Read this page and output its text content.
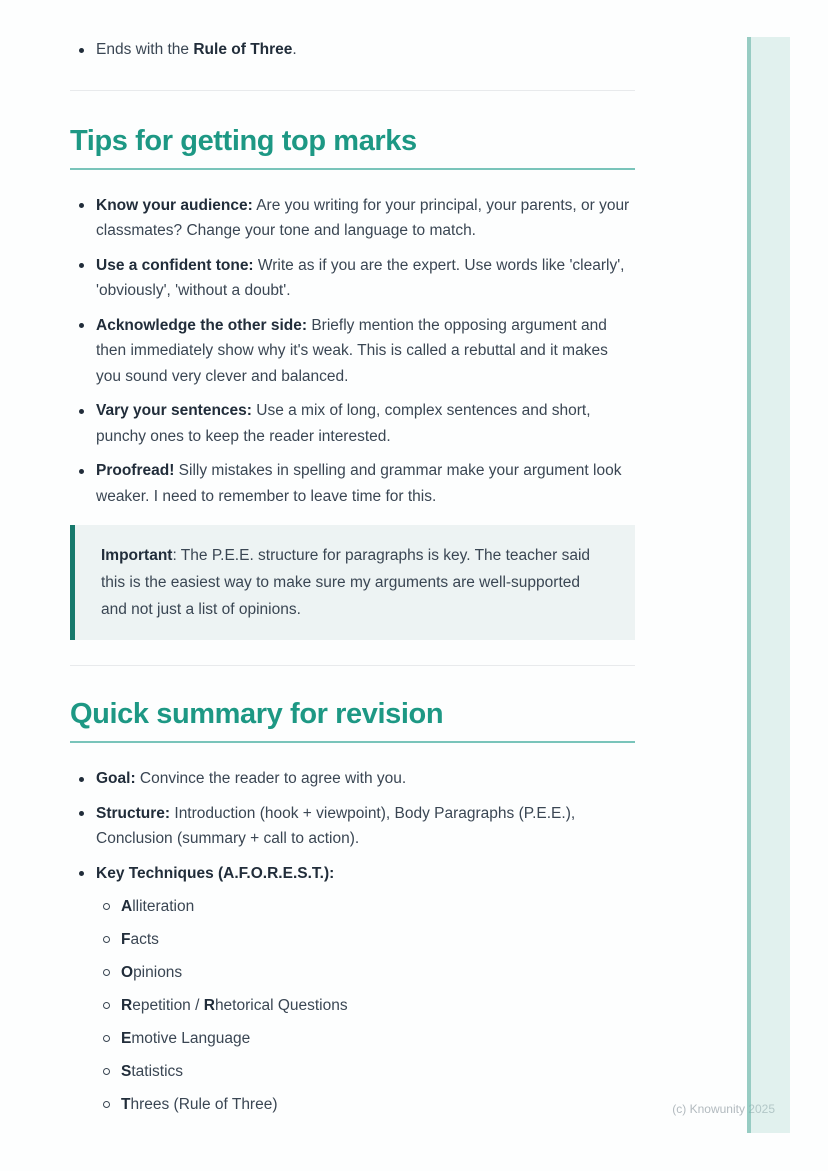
Ends with the Rule of Three.
Tips for getting top marks
Know your audience: Are you writing for your principal, your parents, or your classmates? Change your tone and language to match.
Use a confident tone: Write as if you are the expert. Use words like 'clearly', 'obviously', 'without a doubt'.
Acknowledge the other side: Briefly mention the opposing argument and then immediately show why it's weak. This is called a rebuttal and it makes you sound very clever and balanced.
Vary your sentences: Use a mix of long, complex sentences and short, punchy ones to keep the reader interested.
Proofread! Silly mistakes in spelling and grammar make your argument look weaker. I need to remember to leave time for this.
Important: The P.E.E. structure for paragraphs is key. The teacher said this is the easiest way to make sure my arguments are well-supported and not just a list of opinions.
Quick summary for revision
Goal: Convince the reader to agree with you.
Structure: Introduction (hook + viewpoint), Body Paragraphs (P.E.E.), Conclusion (summary + call to action).
Key Techniques (A.F.O.R.E.S.T.):
Alliteration
Facts
Opinions
Repetition / Rhetorical Questions
Emotive Language
Statistics
Threes (Rule of Three)	(c) Knowunity 2025
